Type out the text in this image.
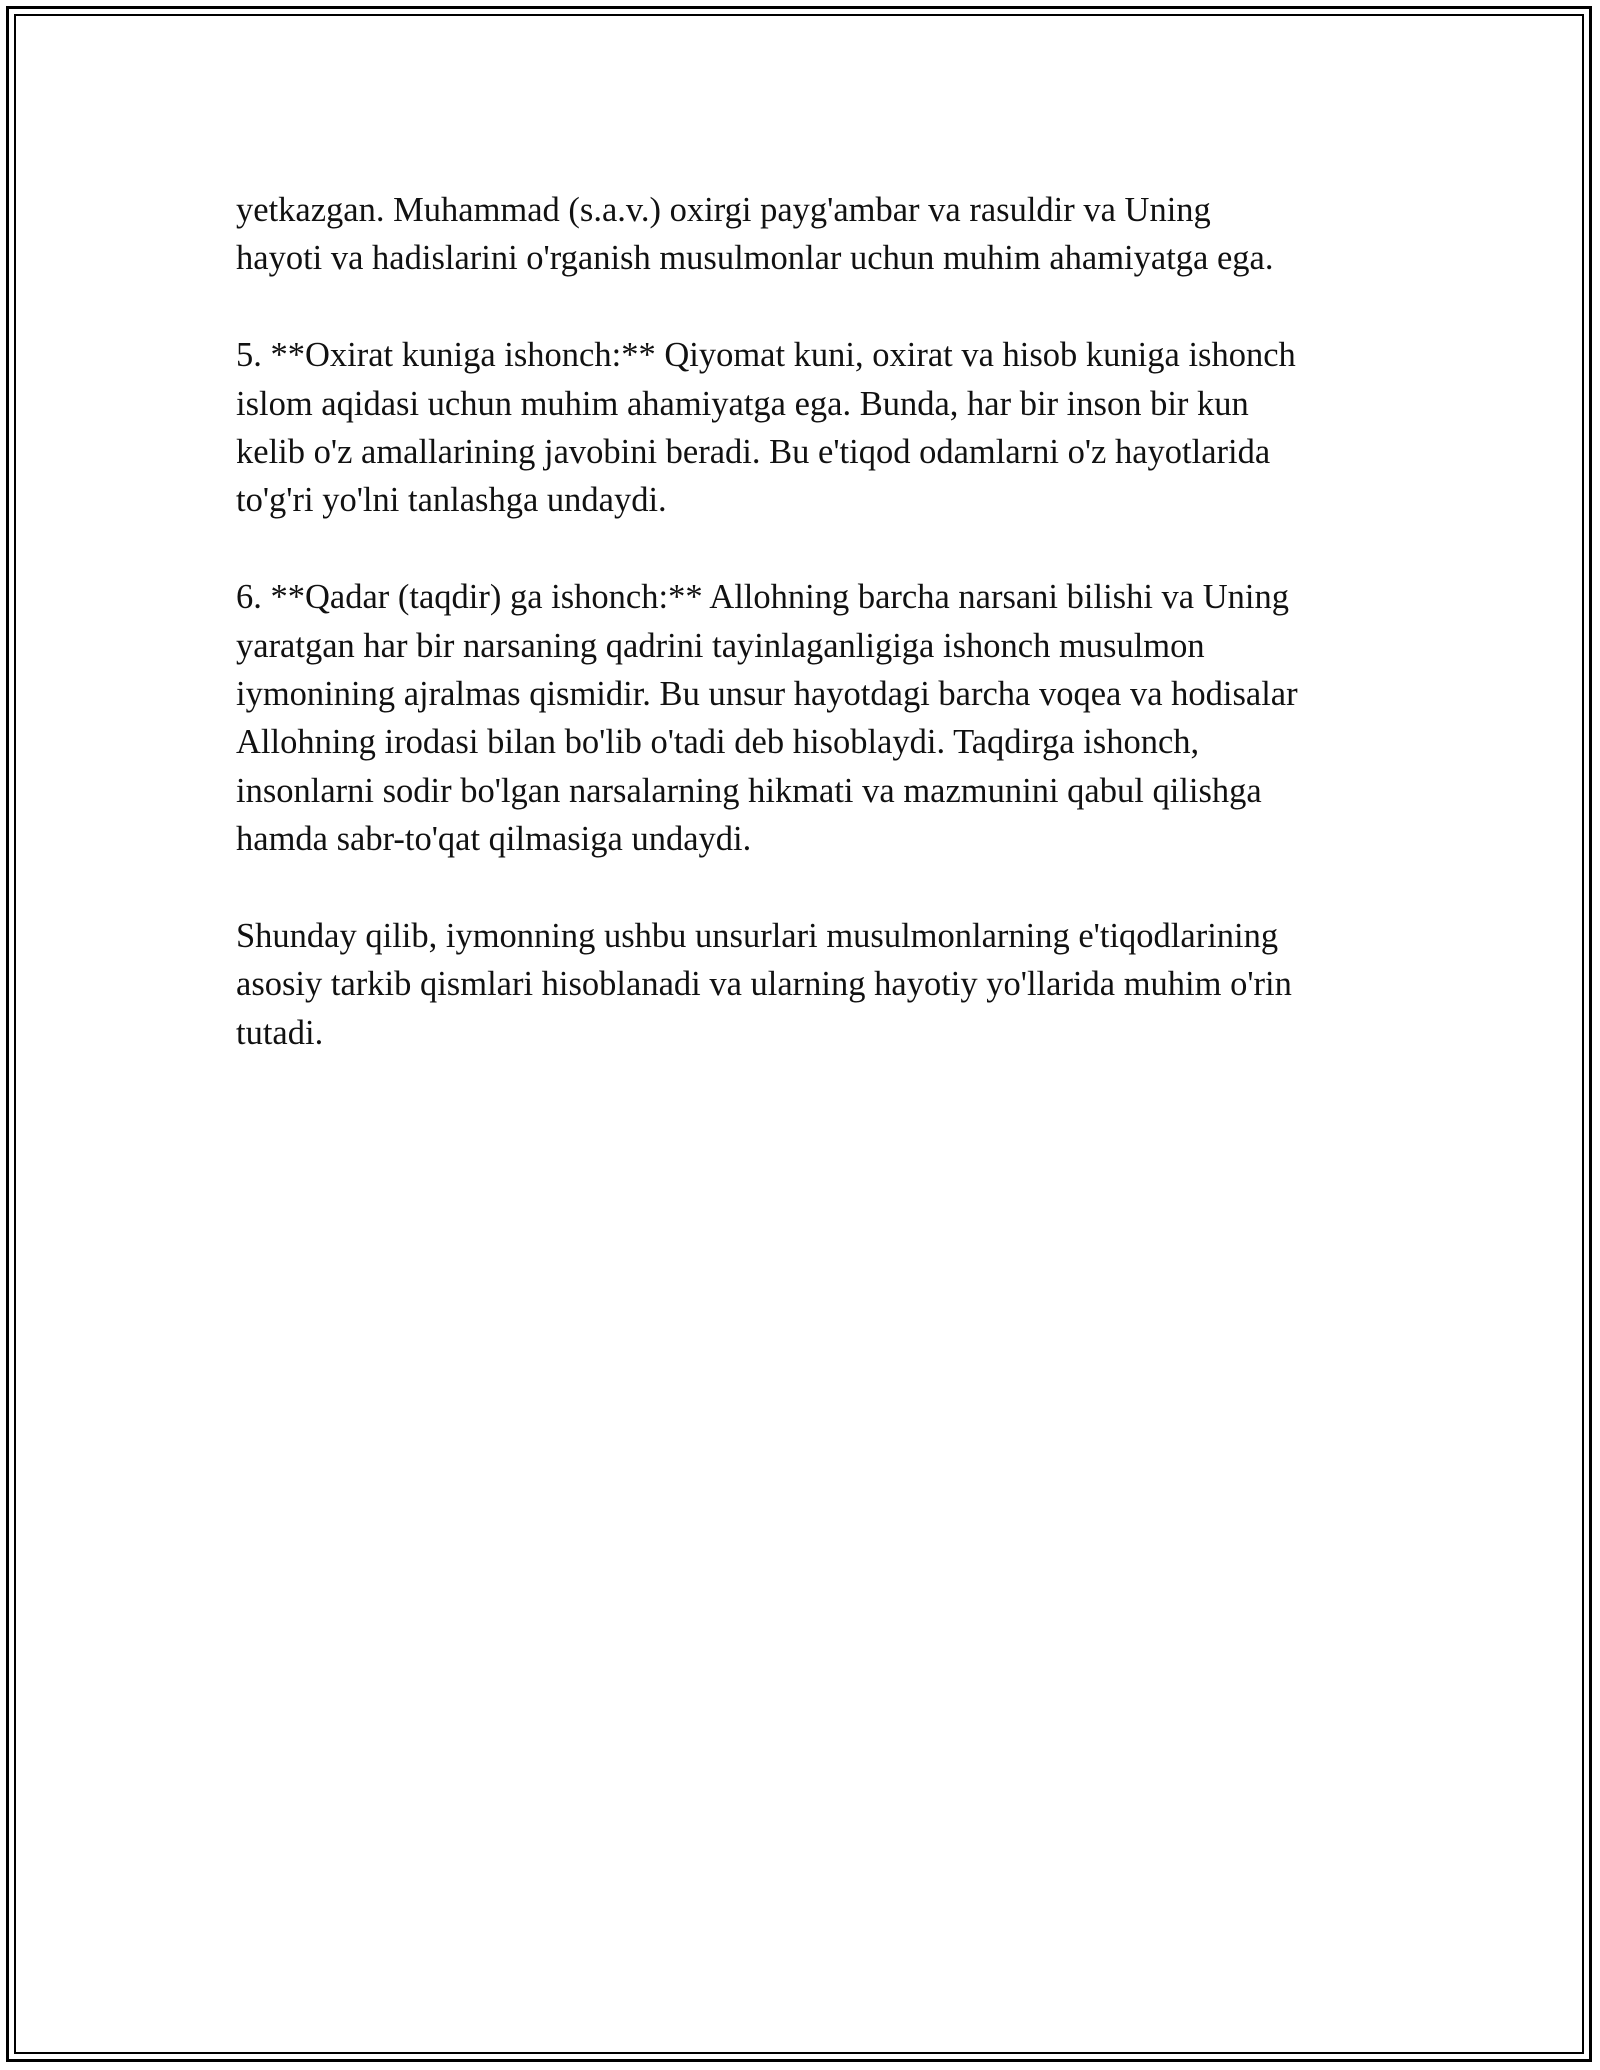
yetkazgan. Muhammad (s.a.v.) oxirgi payg'ambar va rasuldir va Uning
hayoti va hadislarini o'rganish musulmonlar uchun muhim ahamiyatga ega.

5. **Oxirat kuniga ishonch:** Qiyomat kuni, oxirat va hisob kuniga ishonch
islom aqidasi uchun muhim ahamiyatga ega. Bunda, har bir inson bir kun
kelib o'z amallarining javobini beradi. Bu e'tiqod odamlarni o'z hayotlarida
to'g'ri yo'lni tanlashga undaydi.

6. **Qadar (taqdir) ga ishonch:** Allohning barcha narsani bilishi va Uning
yaratgan har bir narsaning qadrini tayinlaganligiga ishonch musulmon
iymonining ajralmas qismidir. Bu unsur hayotdagi barcha voqea va hodisalar
Allohning irodasi bilan bo'lib o'tadi deb hisoblaydi. Taqdirga ishonch,
insonlarni sodir bo'lgan narsalarning hikmati va mazmunini qabul qilishga
hamda sabr-to'qat qilmasiga undaydi.

Shunday qilib, iymonning ushbu unsurlari musulmonlarning e'tiqodlarining
asosiy tarkib qismlari hisoblanadi va ularning hayotiy yo'llarida muhim o'rin
tutadi.
